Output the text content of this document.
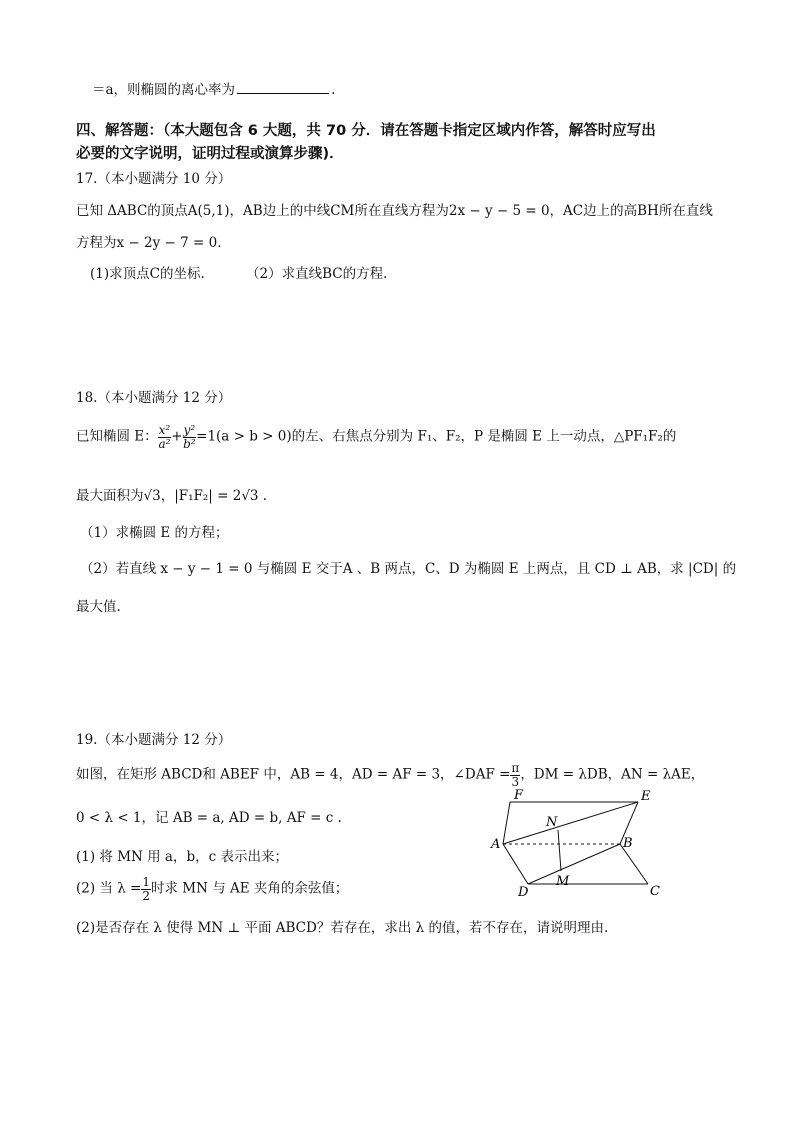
＝a，则椭圆的离心率为	.
四、解答题：（本大题包含 6 大题，共 70 分．请在答题卡指定区域内作答，解答时应写出
必要的文字说明，证明过程或演算步骤)．
17.（本小题满分 10 分）
已知 ΔABC的顶点A(5,1)，AB边上的中线CM所在直线方程为2x − y − 5 = 0，AC边上的高BH所在直线
方程为x − 2y − 7 = 0.
(1)求顶点C的坐标.	（2）求直线BC的方程.
18.（本小题满分 12 分）
已知椭圆 E： $\frac{\text{x²}}{\text{a²}} + \frac{\text{y²}}{\text{b²}} =1(a > b > 0)$的左、右焦点分别为 F₁、F₂，P 是椭圆 E 上一动点，△PF₁F₂的
最大面积为√3，|F₁F₂| = 2√3 .
（1）求椭圆 E 的方程；
（2）若直线 x − y − 1 = 0 与椭圆 E 交于A 、B 两点，C、D 为椭圆 E 上两点，且 CD ⊥ AB，求 |CD| 的
最大值.
19.（本小题满分 12 分）
如图，在矩形 ABCD和 ABEF 中，AB = 4，AD = AF = 3，∠DAF = $\frac{\pi}{3}$ ，DM = λDB，AN = λAE，
0 < λ < 1，记 AB = a, AD = b, AF = c .
(1) 将 MN 用 a，b，c 表示出来；
(2) 当 $\lambda = \frac{1}{2}$ 时求 MN 与 AE 夹角的余弦值；
(2)是否存在 λ 使得 MN ⊥ 平面 ABCD？若存在，求出 λ 的值，若不存在，请说明理由.
F	E
N
A	B
M
D	C
